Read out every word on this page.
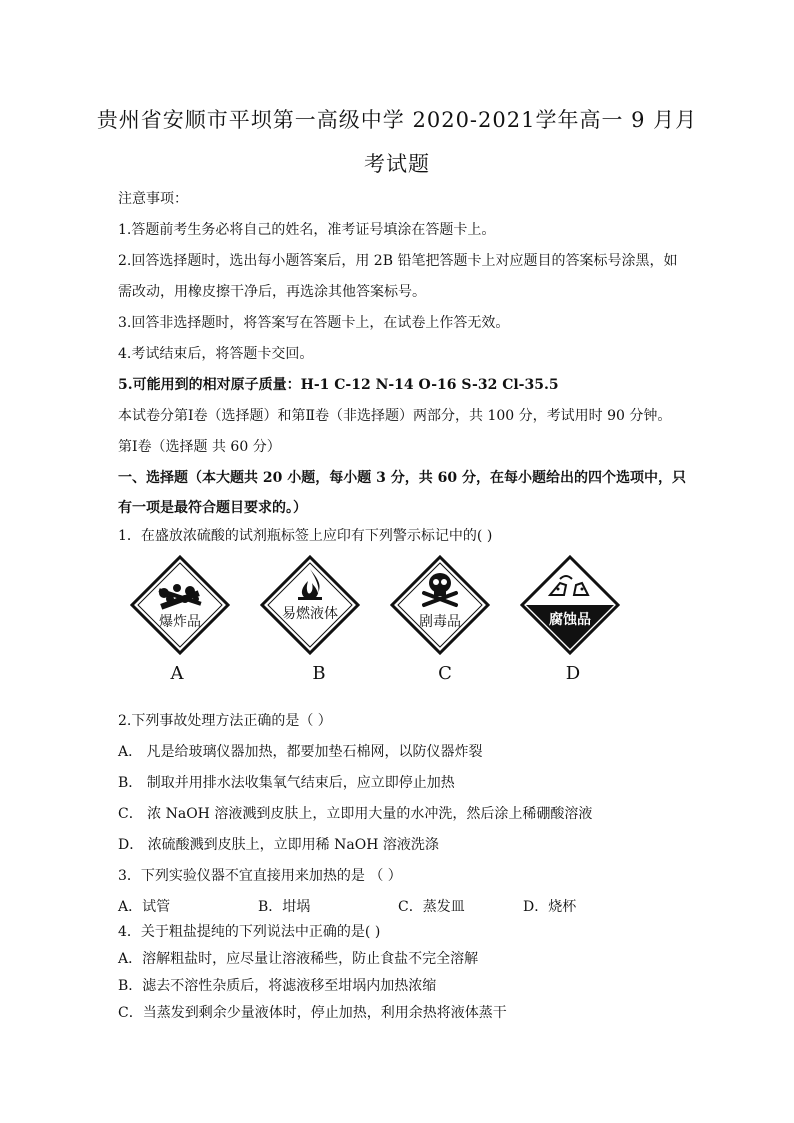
贵州省安顺市平坝第一高级中学 2020-2021学年高一 9 月月
考试题
注意事项：
1.答题前考生务必将自己的姓名，准考证号填涂在答题卡上。
2.回答选择题时，选出每小题答案后，用 2B 铅笔把答题卡上对应题目的答案标号涂黑，如
需改动，用橡皮擦干净后，再选涂其他答案标号。
3.回答非选择题时，将答案写在答题卡上，在试卷上作答无效。
4.考试结束后，将答题卡交回。
5.可能用到的相对原子质量：H-1 C-12 N-14 O-16 S-32 Cl-35.5
本试卷分第Ⅰ卷（选择题）和第Ⅱ卷（非选择题）两部分，共 100 分，考试用时 90 分钟。
第Ⅰ卷（选择题 共 60 分）
一、选择题（本大题共 20 小题，每小题 3 分，共 60 分，在每小题给出的四个选项中，只
有一项是最符合题目要求的。）
1．在盛放浓硫酸的试剂瓶标签上应印有下列警示标记中的( )
爆炸品	易燃液体	剧毒品	腐蚀品
A	B	C	D
2.下列事故处理方法正确的是（ ）
A． 凡是给玻璃仪器加热，都要加垫石棉网，以防仪器炸裂
B． 制取并用排水法收集氧气结束后，应立即停止加热
C． 浓 NaOH 溶液溅到皮肤上，立即用大量的水冲洗，然后涂上稀硼酸溶液
D． 浓硫酸溅到皮肤上，立即用稀 NaOH 溶液洗涤
3．下列实验仪器不宜直接用来加热的是 （ ）
A．试管	B．坩埚	C．蒸发皿	D．烧杯
4．关于粗盐提纯的下列说法中正确的是( )
A．溶解粗盐时，应尽量让溶液稀些，防止食盐不完全溶解
B．滤去不溶性杂质后，将滤液移至坩埚内加热浓缩
C．当蒸发到剩余少量液体时，停止加热，利用余热将液体蒸干
